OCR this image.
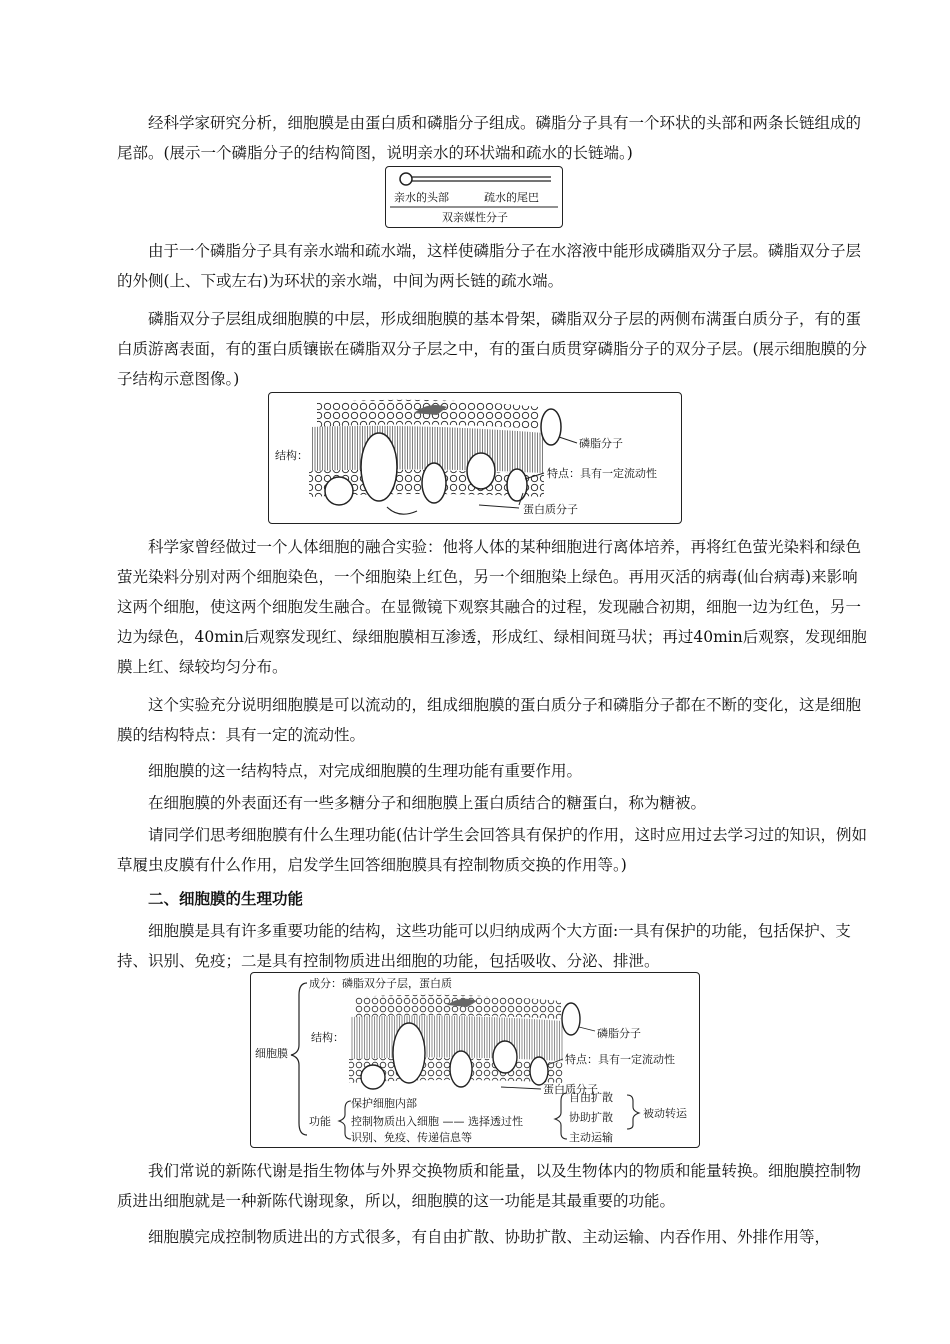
经科学家研究分析，细胞膜是由蛋白质和磷脂分子组成。磷脂分子具有一个环状的头部和两条长链组成的尾部。(展示一个磷脂分子的结构简图，说明亲水的环状端和疏水的长链端。)

亲水的头部	疏水的尾巴
双亲媒性分子

由于一个磷脂分子具有亲水端和疏水端，这样使磷脂分子在水溶液中能形成磷脂双分子层。磷脂双分子层的外侧(上、下或左右)为环状的亲水端，中间为两长链的疏水端。

磷脂双分子层组成细胞膜的中层，形成细胞膜的基本骨架，磷脂双分子层的两侧布满蛋白质分子，有的蛋白质游离表面，有的蛋白质镶嵌在磷脂双分子层之中，有的蛋白质贯穿磷脂分子的双分子层。(展示细胞膜的分子结构示意图像。)

结构：
磷脂分子
特点：具有一定流动性
蛋白质分子

科学家曾经做过一个人体细胞的融合实验：他将人体的某种细胞进行离体培养，再将红色萤光染料和绿色萤光染料分别对两个细胞染色，一个细胞染上红色，另一个细胞染上绿色。再用灭活的病毒(仙台病毒)来影响这两个细胞，使这两个细胞发生融合。在显微镜下观察其融合的过程，发现融合初期，细胞一边为红色，另一边为绿色，40min后观察发现红、绿细胞膜相互渗透，形成红、绿相间斑马状；再过40min后观察，发现细胞膜上红、绿较均匀分布。

这个实验充分说明细胞膜是可以流动的，组成细胞膜的蛋白质分子和磷脂分子都在不断的变化，这是细胞膜的结构特点：具有一定的流动性。

细胞膜的这一结构特点，对完成细胞膜的生理功能有重要作用。

在细胞膜的外表面还有一些多糖分子和细胞膜上蛋白质结合的糖蛋白，称为糖被。

请同学们思考细胞膜有什么生理功能(估计学生会回答具有保护的作用，这时应用过去学习过的知识，例如草履虫皮膜有什么作用，启发学生回答细胞膜具有控制物质交换的作用等。)

二、细胞膜的生理功能

细胞膜是具有许多重要功能的结构，这些功能可以归纳成两个大方面:一具有保护的功能，包括保护、支持、识别、免疫；二是具有控制物质进出细胞的功能，包括吸收、分泌、排泄。

细胞膜
成分：磷脂双分子层，蛋白质
结构：	磷脂分子
特点：具有一定流动性
蛋白质分子
功能
保护细胞内部
控制物质出入细胞 —— 选择透过性
识别、免疫、传递信息等
自由扩散
协助扩散
主动运输
被动转运

我们常说的新陈代谢是指生物体与外界交换物质和能量，以及生物体内的物质和能量转换。细胞膜控制物质进出细胞就是一种新陈代谢现象，所以，细胞膜的这一功能是其最重要的功能。

细胞膜完成控制物质进出的方式很多，有自由扩散、协助扩散、主动运输、内吞作用、外排作用等，
